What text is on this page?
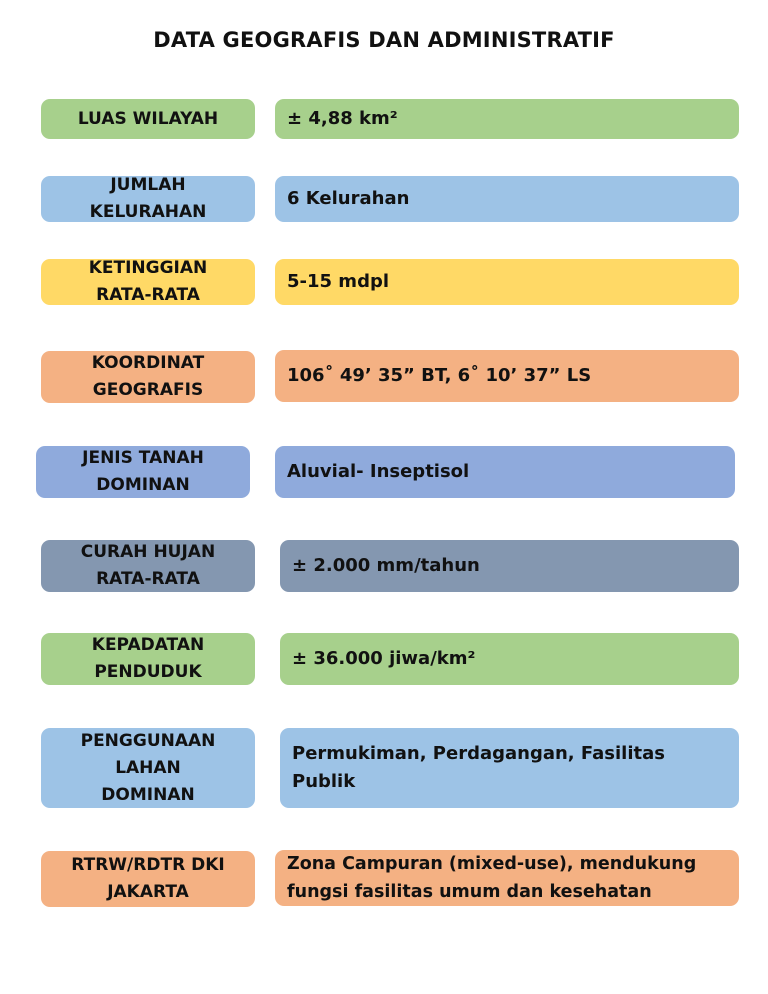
DATA GEOGRAFIS DAN ADMINISTRATIF
LUAS WILAYAH	± 4,88 km²
JUMLAH
KELURAHAN
6 Kelurahan
KETINGGIAN
RATA-RATA
5-15 mdpl
KOORDINAT
GEOGRAFIS
106˚ 49’ 35” BT, 6˚ 10’ 37” LS
JENIS TANAH
DOMINAN
Aluvial- Inseptisol
CURAH HUJAN
RATA-RATA
± 2.000 mm/tahun
KEPADATAN
PENDUDUK
± 36.000 jiwa/km²
PENGGUNAAN
LAHAN
DOMINAN
Permukiman, Perdagangan, Fasilitas
Publik
RTRW/RDTR DKI
JAKARTA
Zona Campuran (mixed-use), mendukung
fungsi fasilitas umum dan kesehatan
